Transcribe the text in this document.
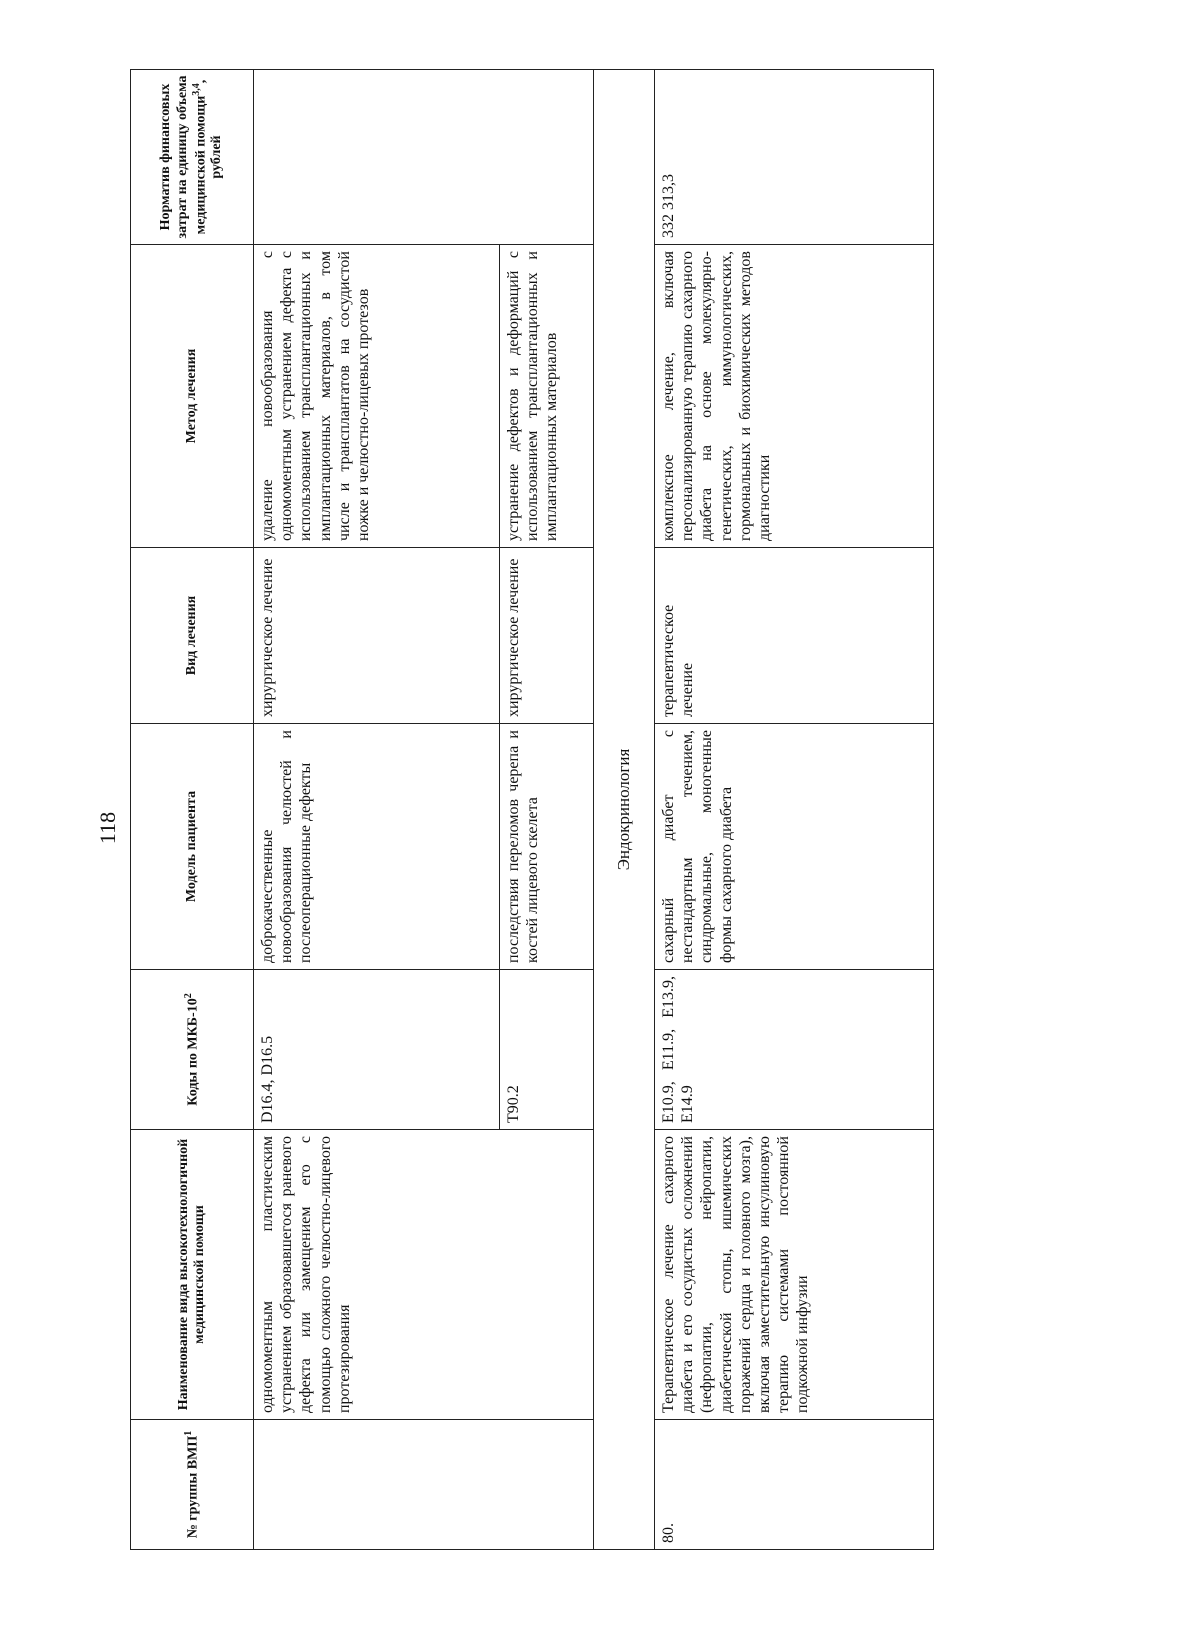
118
№ группы ВМП$^1$	Наименование вида высокотехнологичной медицинской помощи	Коды по МКБ-$10^2$	Модель пациента	Вид лечения	Метод лечения	Норматив финансовых затрат на единицу объема медицинской помощи$^{3,4}$, рублей
	одномоментным пластическим устранением образовавшегося раневого дефекта или замещением его с помощью сложного челюстно-лицевого протезирования	D16.4, D16.5	доброкачественные новообразования челюстей и послеоперационные дефекты	хирургическое лечение	удаление новообразования с одномоментным устранением дефекта с использованием трансплантационных и имплантационных материалов, в том числе и трансплантатов на сосудистой ножке и челюстно-лицевых протезов	
		T90.2	последствия переломов черепа и костей лицевого скелета	хирургическое лечение	устранение дефектов и деформаций с использованием трансплантационных и имплантационных материалов	
Эндокринология						
80.	Терапевтическое лечение сахарного диабета и его сосудистых осложнений (нефропатии, нейропатии, диабетической стопы, ишемических поражений сердца и головного мозга), включая заместительную инсулиновую терапию системами постоянной подкожной инфузии	E10.9, E11.9, E13.9, E14.9	сахарный диабет с нестандартным течением, синдромальные, моногенные формы сахарного диабета	терапевтическое лечение	комплексное лечение, включая персонализированную терапию сахарного диабета на основе молекулярно-генетических, иммунологических, гормональных и биохимических методов диагностики	332 313,3
